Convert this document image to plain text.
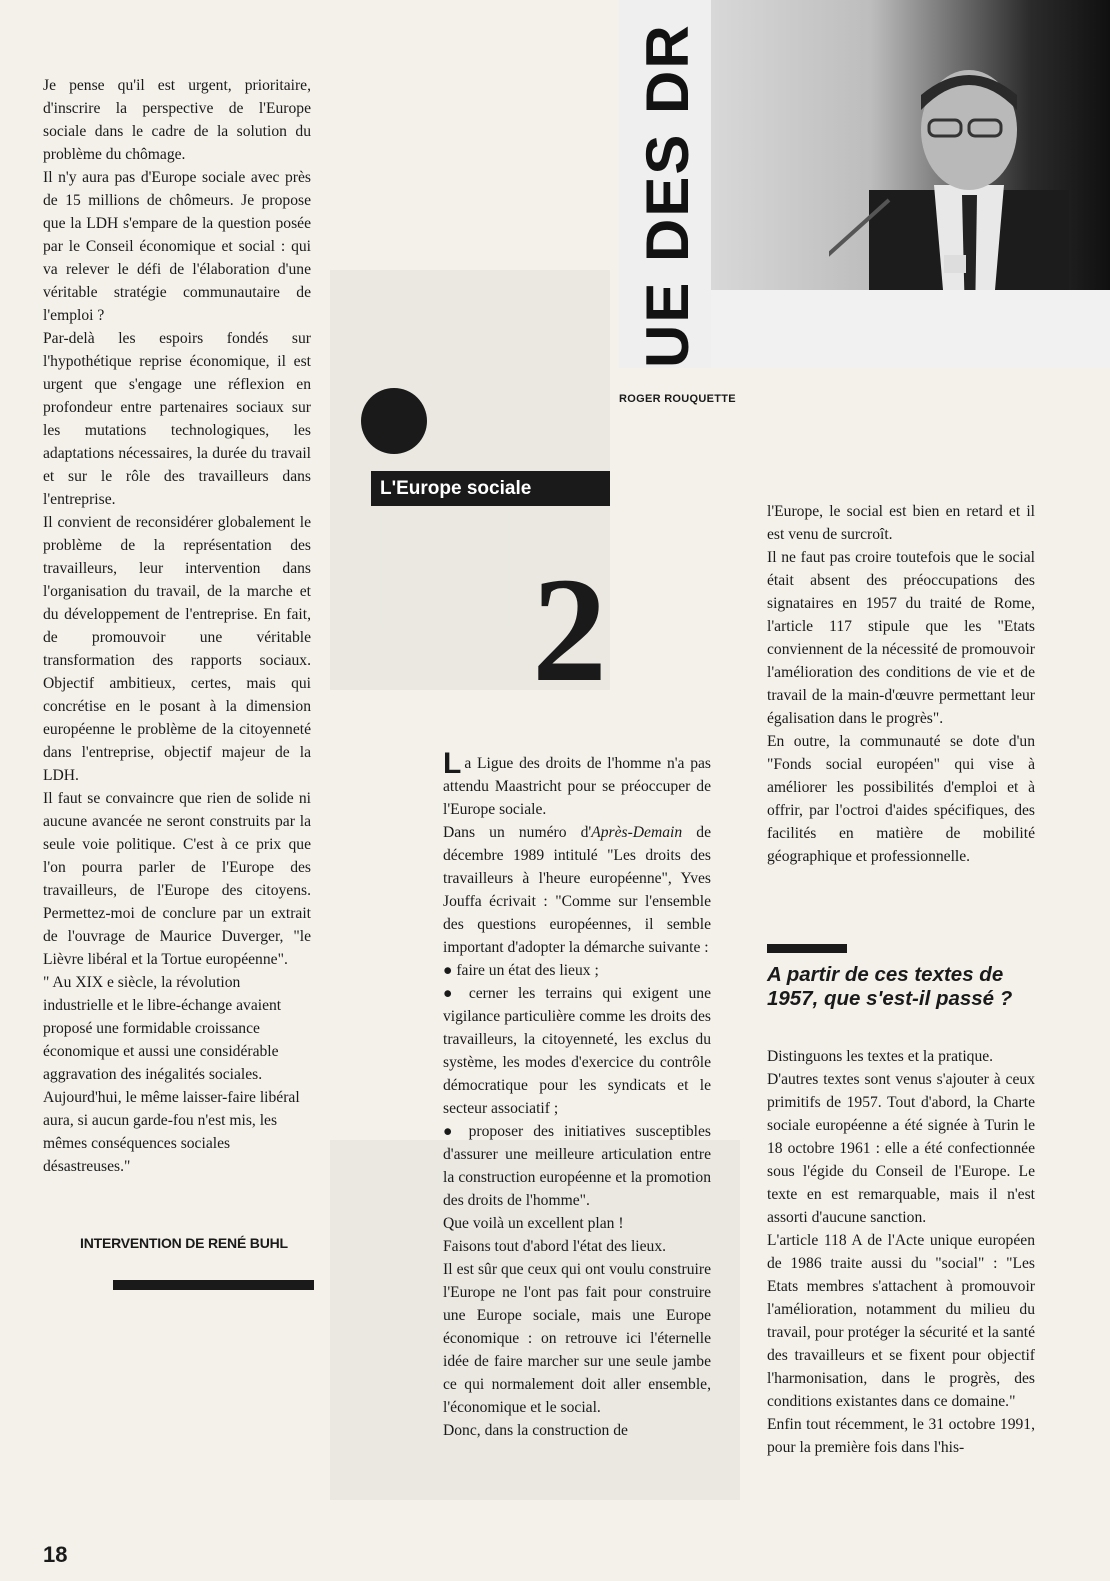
Je pense qu'il est urgent, prioritaire, d'inscrire la perspective de l'Europe sociale dans le cadre de la solution du problème du chômage.

Il n'y aura pas d'Europe sociale avec près de 15 millions de chômeurs. Je propose que la LDH s'empare de la question posée par le Conseil économique et social : qui va relever le défi de l'élaboration d'une véritable stratégie communautaire de l'emploi ?

Par-delà les espoirs fondés sur l'hypothétique reprise économique, il est urgent que s'engage une réflexion en profondeur entre partenaires sociaux sur les mutations technologiques, les adaptations nécessaires, la durée du travail et sur le rôle des travailleurs dans l'entreprise.

Il convient de reconsidérer globalement le problème de la représentation des travailleurs, leur intervention dans l'organisation du travail, de la marche et du développement de l'entreprise. En fait, de promouvoir une véritable transformation des rapports sociaux. Objectif ambitieux, certes, mais qui concrétise en le posant à la dimension européenne le problème de la citoyenneté dans l'entreprise, objectif majeur de la LDH.

Il faut se convaincre que rien de solide ni aucune avancée ne seront construits par la seule voie politique. C'est à ce prix que l'on pourra parler de l'Europe des travailleurs, de l'Europe des citoyens. Permettez-moi de conclure par un extrait de l'ouvrage de Maurice Duverger, "le Lièvre libéral et la Tortue européenne".

" Au XIX e siècle, la révolution industrielle et le libre-échange avaient proposé une formidable croissance économique et aussi une considérable aggravation des inégalités sociales. Aujourd'hui, le même laisser-faire libéral aura, si aucun garde-fou n'est mis, les mêmes conséquences sociales désastreuses."

INTERVENTION DE RENÉ BUHL
UE DES DR
ROGER ROUQUETTE
L'Europe sociale
2

La Ligue des droits de l'homme n'a pas attendu Maastricht pour se préoccuper de l'Europe sociale.

Dans un numéro d'Après-Demain de décembre 1989 intitulé "Les droits des travailleurs à l'heure européenne", Yves Jouffa écrivait : "Comme sur l'ensemble des questions européennes, il semble important d'adopter la démarche suivante :

● faire un état des lieux ;

● cerner les terrains qui exigent une vigilance particulière comme les droits des travailleurs, la citoyenneté, les exclus du système, les modes d'exercice du contrôle démocratique pour les syndicats et le secteur associatif ;

● proposer des initiatives susceptibles d'assurer une meilleure articulation entre la construction européenne et la promotion des droits de l'homme".

Que voilà un excellent plan !

Faisons tout d'abord l'état des lieux.

Il est sûr que ceux qui ont voulu construire l'Europe ne l'ont pas fait pour construire une Europe sociale, mais une Europe économique : on retrouve ici l'éternelle idée de faire marcher sur une seule jambe ce qui normalement doit aller ensemble, l'économique et le social.

Donc, dans la construction de

l'Europe, le social est bien en retard et il est venu de surcroît.

Il ne faut pas croire toutefois que le social était absent des préoccupations des signataires en 1957 du traité de Rome, l'article 117 stipule que les "Etats conviennent de la nécessité de promouvoir l'amélioration des conditions de vie et de travail de la main-d'œuvre permettant leur égalisation dans le progrès".

En outre, la communauté se dote d'un "Fonds social européen" qui vise à améliorer les possibilités d'emploi et à offrir, par l'octroi d'aides spécifiques, des facilités en matière de mobilité géographique et professionnelle.

A partir de ces textes de 1957, que s'est-il passé ?

Distinguons les textes et la pratique.

D'autres textes sont venus s'ajouter à ceux primitifs de 1957. Tout d'abord, la Charte sociale européenne a été signée à Turin le 18 octobre 1961 : elle a été confectionnée sous l'égide du Conseil de l'Europe. Le texte en est remarquable, mais il n'est assorti d'aucune sanction.

L'article 118 A de l'Acte unique européen de 1986 traite aussi du "social" : "Les Etats membres s'attachent à promouvoir l'amélioration, notamment du milieu du travail, pour protéger la sécurité et la santé des travailleurs et se fixent pour objectif l'harmonisation, dans le progrès, des conditions existantes dans ce domaine."

Enfin tout récemment, le 31 octobre 1991, pour la première fois dans l'his-

18
